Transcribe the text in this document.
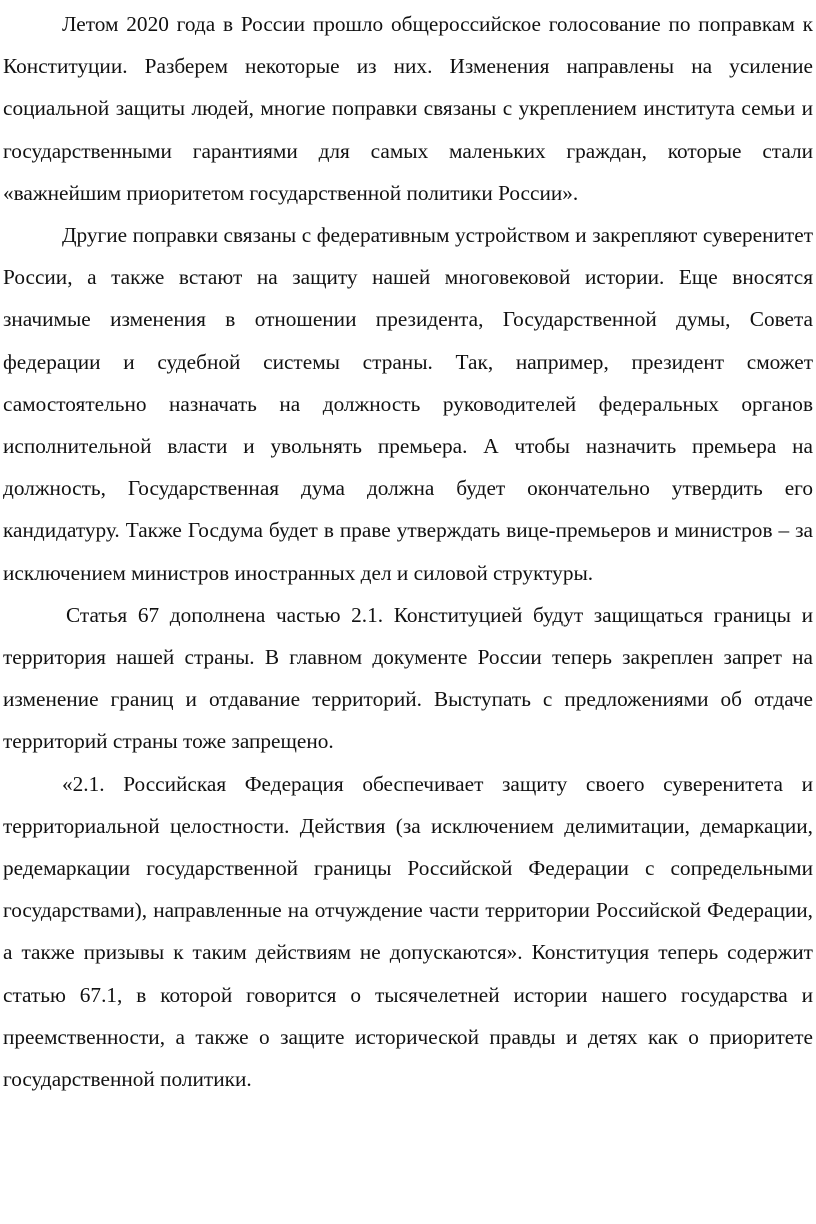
Летом 2020 года в России прошло общероссийское голосование по поправкам к Конституции. Разберем некоторые из них. Изменения направлены на усиление социальной защиты людей, многие поправки связаны с укреплением института семьи и государственными гарантиями для самых маленьких граждан, которые стали «важнейшим приоритетом государственной политики России».

Другие поправки связаны с федеративным устройством и закрепляют суверенитет России, а также встают на защиту нашей многовековой истории. Еще вносятся значимые изменения в отношении президента, Государственной думы, Совета федерации и судебной системы страны. Так, например, президент сможет самостоятельно назначать на должность руководителей федеральных органов исполнительной власти и увольнять премьера. А чтобы назначить премьера на должность, Государственная дума должна будет окончательно утвердить его кандидатуру. Также Госдума будет в праве утверждать вице-премьеров и министров – за исключением министров иностранных дел и силовой структуры.

Статья 67 дополнена частью 2.1. Конституцией будут защищаться границы и территория нашей страны. В главном документе России теперь закреплен запрет на изменение границ и отдавание территорий. Выступать с предложениями об отдаче территорий страны тоже запрещено.

«2.1. Российская Федерация обеспечивает защиту своего суверенитета и территориальной целостности. Действия (за исключением делимитации, демаркации, редемаркации государственной границы Российской Федерации с сопредельными государствами), направленные на отчуждение части территории Российской Федерации, а также призывы к таким действиям не допускаются». Конституция теперь содержит статью 67.1, в которой говорится о тысячелетней истории нашего государства и преемственности, а также о защите исторической правды и детях как о приоритете государственной политики.
